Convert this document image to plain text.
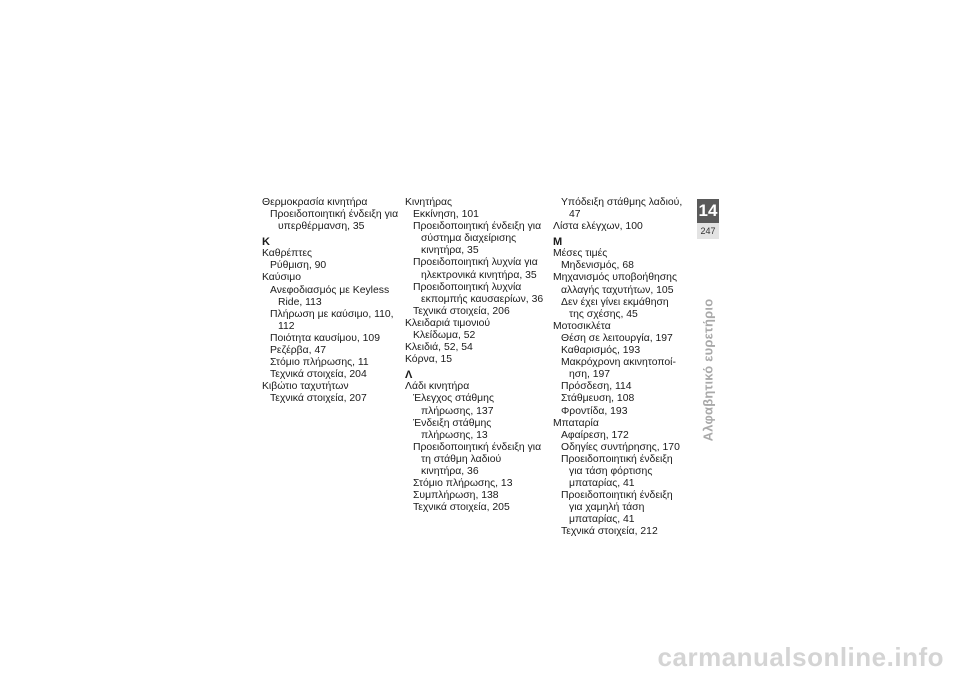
Θερμοκρασία κινητήρα
Προειδοποιητική ένδειξη για υπερθέρμανση, 35
Κ
Καθρέπτες
Ρύθμιση, 90
Καύσιμο
Ανεφοδιασμός με Keyless Ride, 113
Πλήρωση με καύσιμο, 110, 112
Ποιότητα καυσίμου, 109
Ρεζέρβα, 47
Στόμιο πλήρωσης, 11
Τεχνικά στοιχεία, 204
Κιβώτιο ταχυτήτων
Τεχνικά στοιχεία, 207
Κινητήρας
Εκκίνηση, 101
Προειδοποιητική ένδειξη για σύστημα διαχείρισης κινητήρα, 35
Προειδοποιητική λυχνία για ηλεκτρονικά κινητήρα, 35
Προειδοποιητική λυχνία εκπομπής καυσαερίων, 36
Τεχνικά στοιχεία, 206
Κλειδαριά τιμονιού
Κλείδωμα, 52
Κλειδιά, 52, 54
Κόρνα, 15
Λ
Λάδι κινητήρα
Έλεγχος στάθμης πλήρωσης, 137
Ένδειξη στάθμης πλήρωσης, 13
Προειδοποιητική ένδειξη για τη στάθμη λαδιού κινητήρα, 36
Στόμιο πλήρωσης, 13
Συμπλήρωση, 138
Τεχνικά στοιχεία, 205
Υπόδειξη στάθμης λαδιού, 47
Λίστα ελέγχων, 100
Μ
Μέσες τιμές
Μηδενισμός, 68
Μηχανισμός υποβοήθησης αλλαγής ταχυτήτων, 105
Δεν έχει γίνει εκμάθηση της σχέσης, 45
Μοτοσικλέτα
Θέση σε λειτουργία, 197
Καθαρισμός, 193
Μακρόχρονη ακινητοποίηση, 197
Πρόσδεση, 114
Στάθμευση, 108
Φροντίδα, 193
Μπαταρία
Αφαίρεση, 172
Οδηγίες συντήρησης, 170
Προειδοποιητική ένδειξη για τάση φόρτισης μπαταρίας, 41
Προειδοποιητική ένδειξη για χαμηλή τάση μπαταρίας, 41
Τεχνικά στοιχεία, 212
14
247
Αλφαβητικό ευρετήριο
carmanualsonline.info
